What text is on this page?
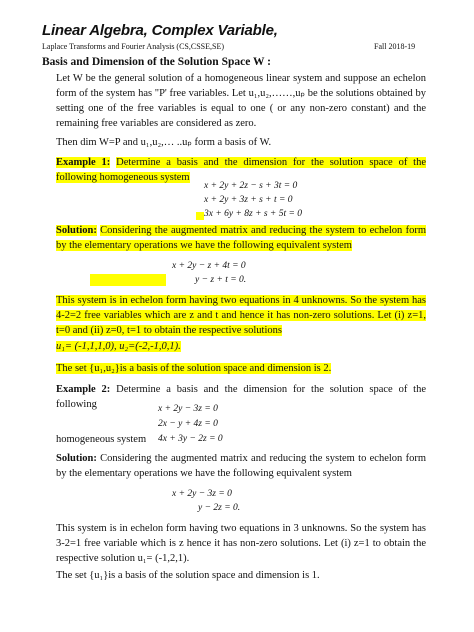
Linear Algebra, Complex Variable,
Laplace Transforms and Fourier Analysis (CS,CSSE,SE)	Fall 2018-19
Basis and Dimension of the Solution Space W :
Let W be the general solution of a homogeneous linear system and suppose an echelon form of the system has "P' free variables. Let u₁,u₂,……,uₚ be the solutions obtained by setting one of the free variables is equal to one ( or any non-zero constant) and the remaining free variables are considered as zero.
Then dim W=P and u₁,u₂,… ..uₚ form a basis of W.
Example 1: Determine a basis and the dimension for the solution space of the following homogeneous system
x + 2y + 2z − s + 3t = 0
x + 2y + 3z + s + t = 0
3x + 6y + 8z + s + 5t = 0
Solution: Considering the augmented matrix and reducing the system to echelon form by the elementary operations we have the following equivalent system
x + 2y − z + 4t = 0
y − z + t = 0.
This system is in echelon form having two equations in 4 unknowns. So the system has 4-2=2 free variables which are z and t and hence it has non-zero solutions. Let (i) z=1, t=0 and (ii) z=0, t=1 to obtain the respective solutions
u₁= (-1,1,1,0), u₂=(-2,-1,0,1).
The set {u₁,u₂}is a basis of the solution space and dimension is 2.
Example 2: Determine a basis and the dimension for the solution space of the following	x + 2y − 3z = 0
2x − y + 4z = 0
4x + 3y − 2z = 0
homogeneous system
Solution: Considering the augmented matrix and reducing the system to echelon form by the elementary operations we have the following equivalent system
x + 2y − 3z = 0
y − 2z = 0.
This system is in echelon form having two equations in 3 unknowns. So the system has 3-2=1 free variable which is z hence it has non-zero solutions. Let (i) z=1 to obtain the respective solution u₁= (-1,2,1).
The set {u₁}is a basis of the solution space and dimension is 1.
